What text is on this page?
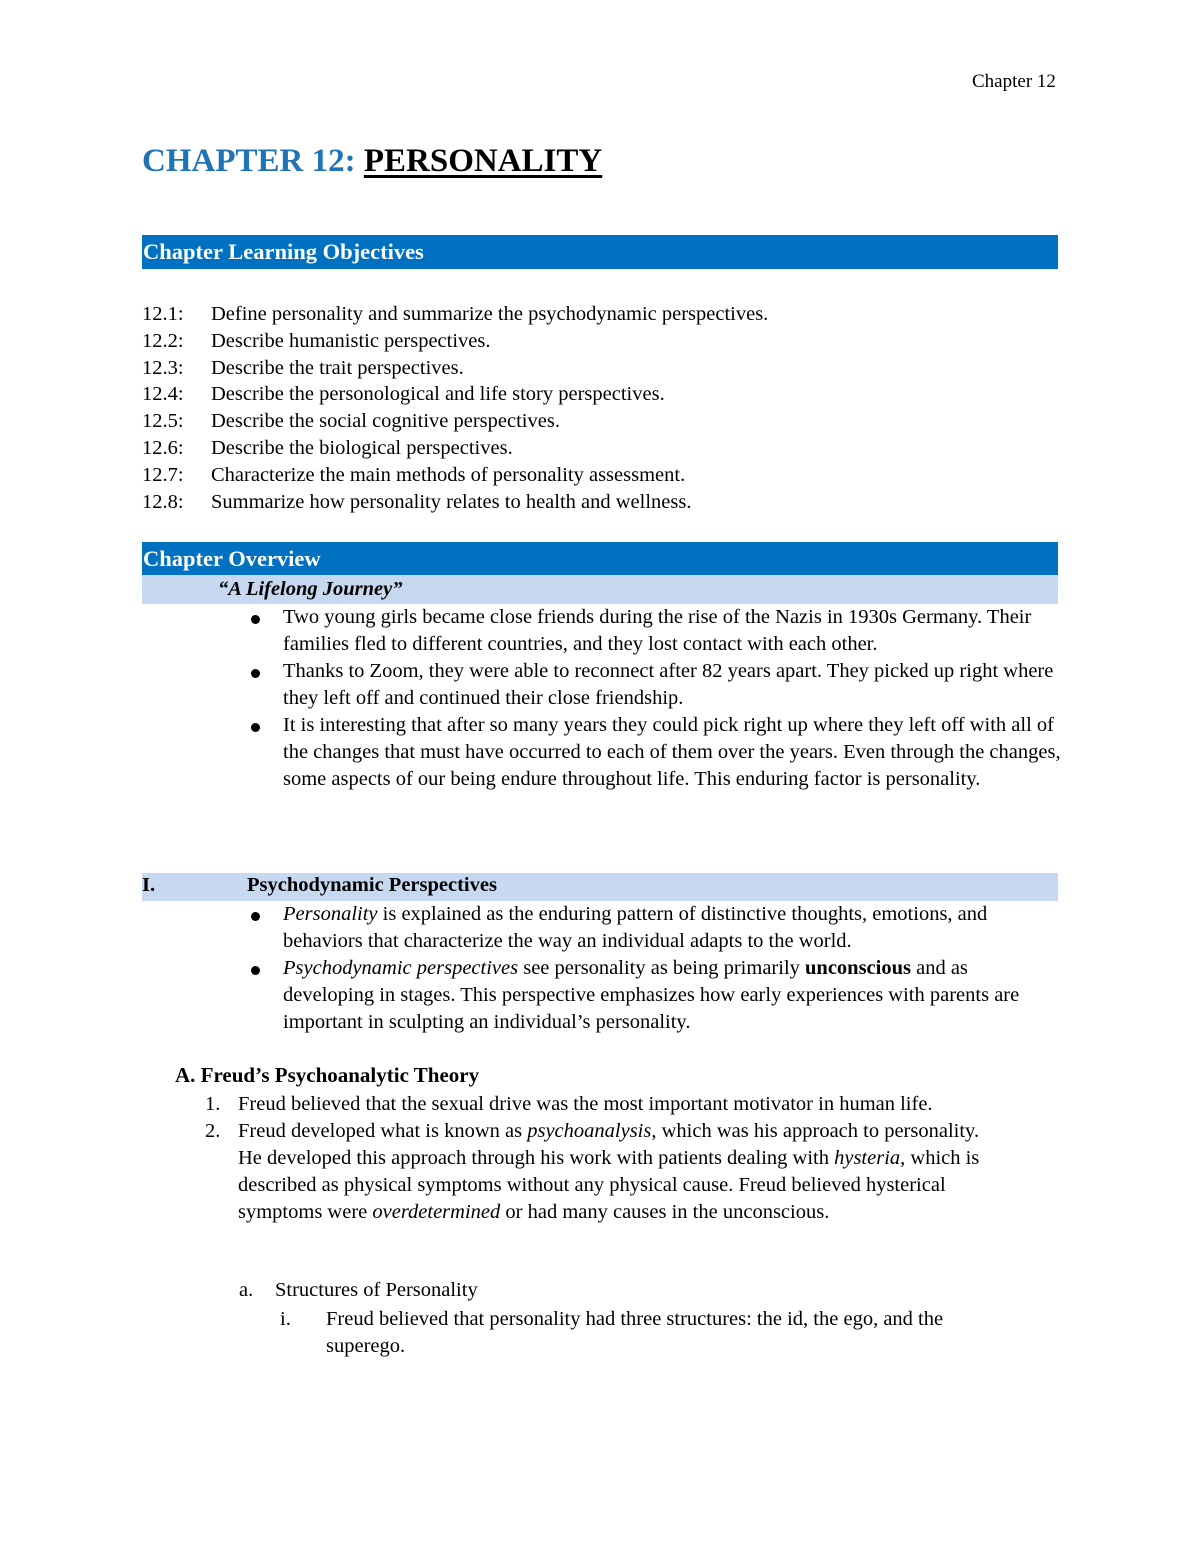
Chapter 12
CHAPTER 12: PERSONALITY
Chapter Learning Objectives
12.1: Define personality and summarize the psychodynamic perspectives.
12.2: Describe humanistic perspectives.
12.3: Describe the trait perspectives.
12.4: Describe the personological and life story perspectives.
12.5: Describe the social cognitive perspectives.
12.6: Describe the biological perspectives.
12.7: Characterize the main methods of personality assessment.
12.8: Summarize how personality relates to health and wellness.
Chapter Overview
“A Lifelong Journey”
Two young girls became close friends during the rise of the Nazis in 1930s Germany. Their families fled to different countries, and they lost contact with each other.
Thanks to Zoom, they were able to reconnect after 82 years apart. They picked up right where they left off and continued their close friendship.
It is interesting that after so many years they could pick right up where they left off with all of the changes that must have occurred to each of them over the years. Even through the changes, some aspects of our being endure throughout life. This enduring factor is personality.
I.	Psychodynamic Perspectives
Personality is explained as the enduring pattern of distinctive thoughts, emotions, and behaviors that characterize the way an individual adapts to the world.
Psychodynamic perspectives see personality as being primarily unconscious and as developing in stages. This perspective emphasizes how early experiences with parents are important in sculpting an individual’s personality.
A. Freud’s Psychoanalytic Theory
1. Freud believed that the sexual drive was the most important motivator in human life.
2. Freud developed what is known as psychoanalysis, which was his approach to personality. He developed this approach through his work with patients dealing with hysteria, which is described as physical symptoms without any physical cause. Freud believed hysterical symptoms were overdetermined or had many causes in the unconscious.
a. Structures of Personality
i. Freud believed that personality had three structures: the id, the ego, and the superego.
